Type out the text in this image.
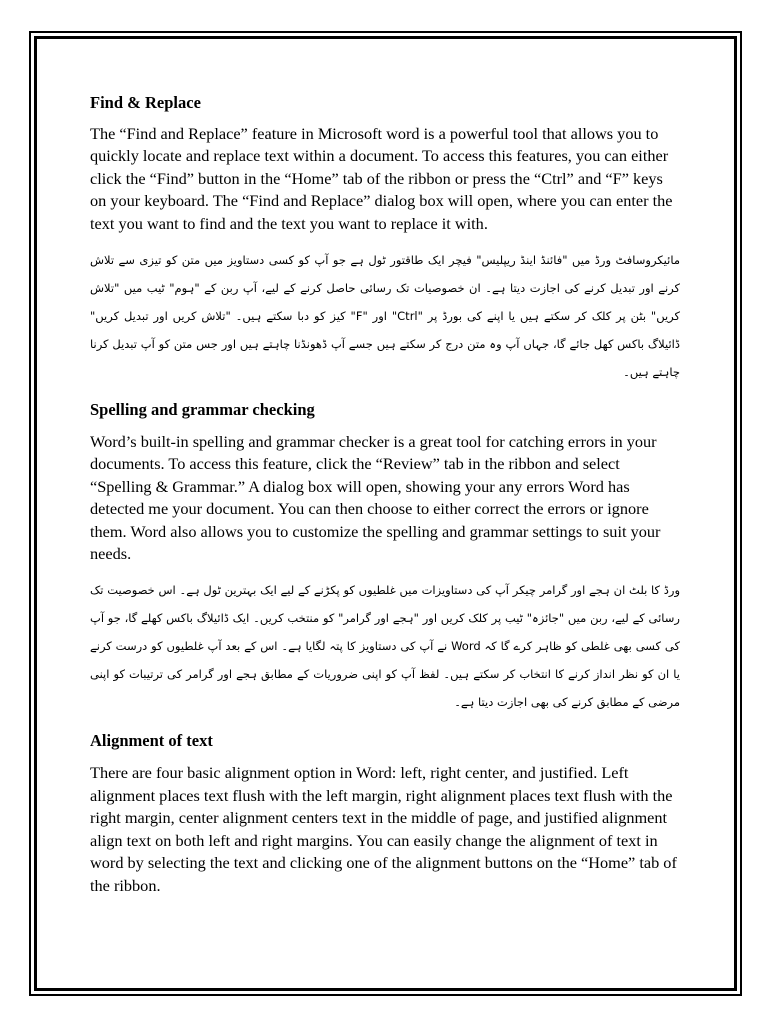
Find & Replace

The “Find and Replace” feature in Microsoft word is a powerful tool that allows you to quickly locate and replace text within a document. To access this features, you can either click the “Find” button in the “Home” tab of the ribbon or press the “Ctrl” and “F” keys on your keyboard. The “Find and Replace” dialog box will open, where you can enter the text you want to find and the text you want to replace it with.

مائیکروسافٹ ورڈ میں "فائنڈ اینڈ ریپلیس" فیچر ایک طاقتور ٹول ہے جو آپ کو کسی دستاویز میں متن کو تیزی سے تلاش کرنے اور تبدیل کرنے کی اجازت دیتا ہے۔ ان خصوصیات تک رسائی حاصل کرنے کے لیے، آپ ربن کے "ہوم" ٹیب میں "تلاش کریں" بٹن پر کلک کر سکتے ہیں یا اپنے کی بورڈ پر "Ctrl" اور "F" کیز کو دبا سکتے ہیں۔ "تلاش کریں اور تبدیل کریں" ڈائیلاگ باکس کھل جائے گا، جہاں آپ وہ متن درج کر سکتے ہیں جسے آپ ڈھونڈنا چاہتے ہیں اور جس متن کو آپ تبدیل کرنا چاہتے ہیں۔

Spelling and grammar checking

Word’s built-in spelling and grammar checker is a great tool for catching errors in your documents. To access this feature, click the “Review” tab in the ribbon and select “Spelling & Grammar.” A dialog box will open, showing your any errors Word has detected me your document. You can then choose to either correct the errors or ignore them. Word also allows you to customize the spelling and grammar settings to suit your needs.

ورڈ کا بلٹ ان ہجے اور گرامر چیکر آپ کی دستاویزات میں غلطیوں کو پکڑنے کے لیے ایک بہترین ٹول ہے۔ اس خصوصیت تک رسائی کے لیے، ربن میں "جائزہ" ٹیب پر کلک کریں اور "ہجے اور گرامر" کو منتخب کریں۔ ایک ڈائیلاگ باکس کھلے گا، جو آپ کی کسی بھی غلطی کو ظاہر کرے گا کہ Word نے آپ کی دستاویز کا پتہ لگایا ہے۔ اس کے بعد آپ غلطیوں کو درست کرنے یا ان کو نظر انداز کرنے کا انتخاب کر سکتے ہیں۔ لفظ آپ کو اپنی ضروریات کے مطابق ہجے اور گرامر کی ترتیبات کو اپنی مرضی کے مطابق کرنے کی بھی اجازت دیتا ہے۔

Alignment of text

There are four basic alignment option in Word: left, right center, and justified. Left alignment places text flush with the left margin, right alignment places text flush with the right margin, center alignment centers text in the middle of page, and justified alignment align text on both left and right margins. You can easily change the alignment of text in word by selecting the text and clicking one of the alignment buttons on the “Home” tab of the ribbon.
